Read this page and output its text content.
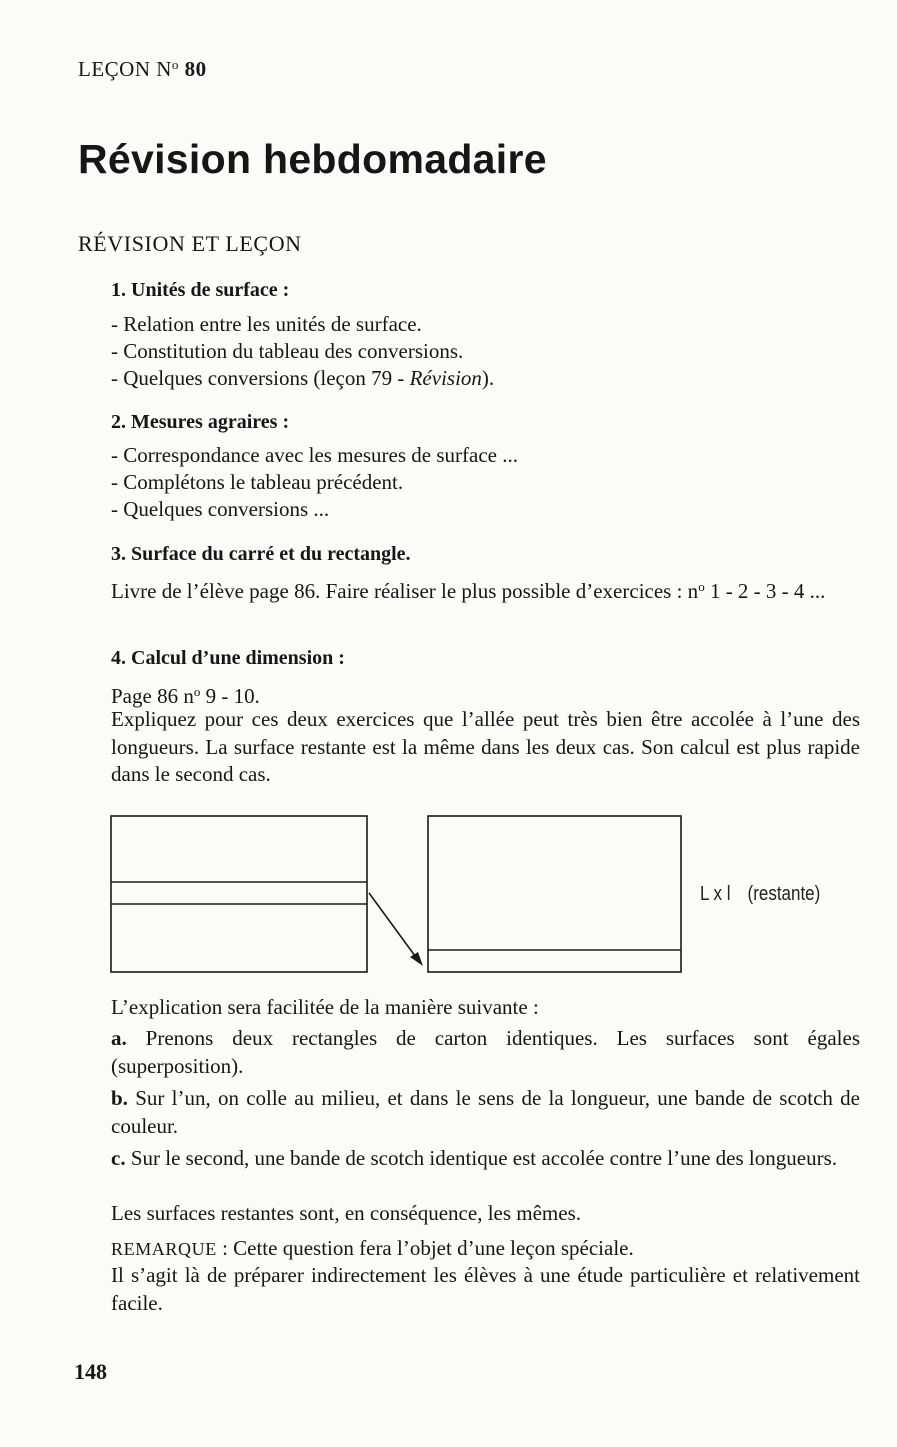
LEÇON $N^o$ 80
Révision hebdomadaire
RÉVISION ET LEÇON
1. Unités de surface :
- Relation entre les unités de surface.
- Constitution du tableau des conversions.
- Quelques conversions (leçon 79 - Révision).
2. Mesures agraires :
- Correspondance avec les mesures de surface ...
- Complétons le tableau précédent.
- Quelques conversions ...
3. Surface du carré et du rectangle.
Livre de l’élève page 86. Faire réaliser le plus possible d’exercices : $n^o$ 1 - 2 - 3 - 4 ...
4. Calcul d’une dimension :
Page 86 $n^o$ 9 - 10.
Expliquez pour ces deux exercices que l’allée peut très bien être accolée à l’une des longueurs. La surface restante est la même dans les deux cas. Son calcul est plus rapide dans le second cas.
L x l (restante)
L’explication sera facilitée de la manière suivante :
a. Prenons deux rectangles de carton identiques. Les surfaces sont égales (superposition).
b. Sur l’un, on colle au milieu, et dans le sens de la longueur, une bande de scotch de couleur.
c. Sur le second, une bande de scotch identique est accolée contre l’une des longueurs.
Les surfaces restantes sont, en conséquence, les mêmes.
REMARQUE : Cette question fera l’objet d’une leçon spéciale.
Il s’agit là de préparer indirectement les élèves à une étude particulière et relativement facile.
148
